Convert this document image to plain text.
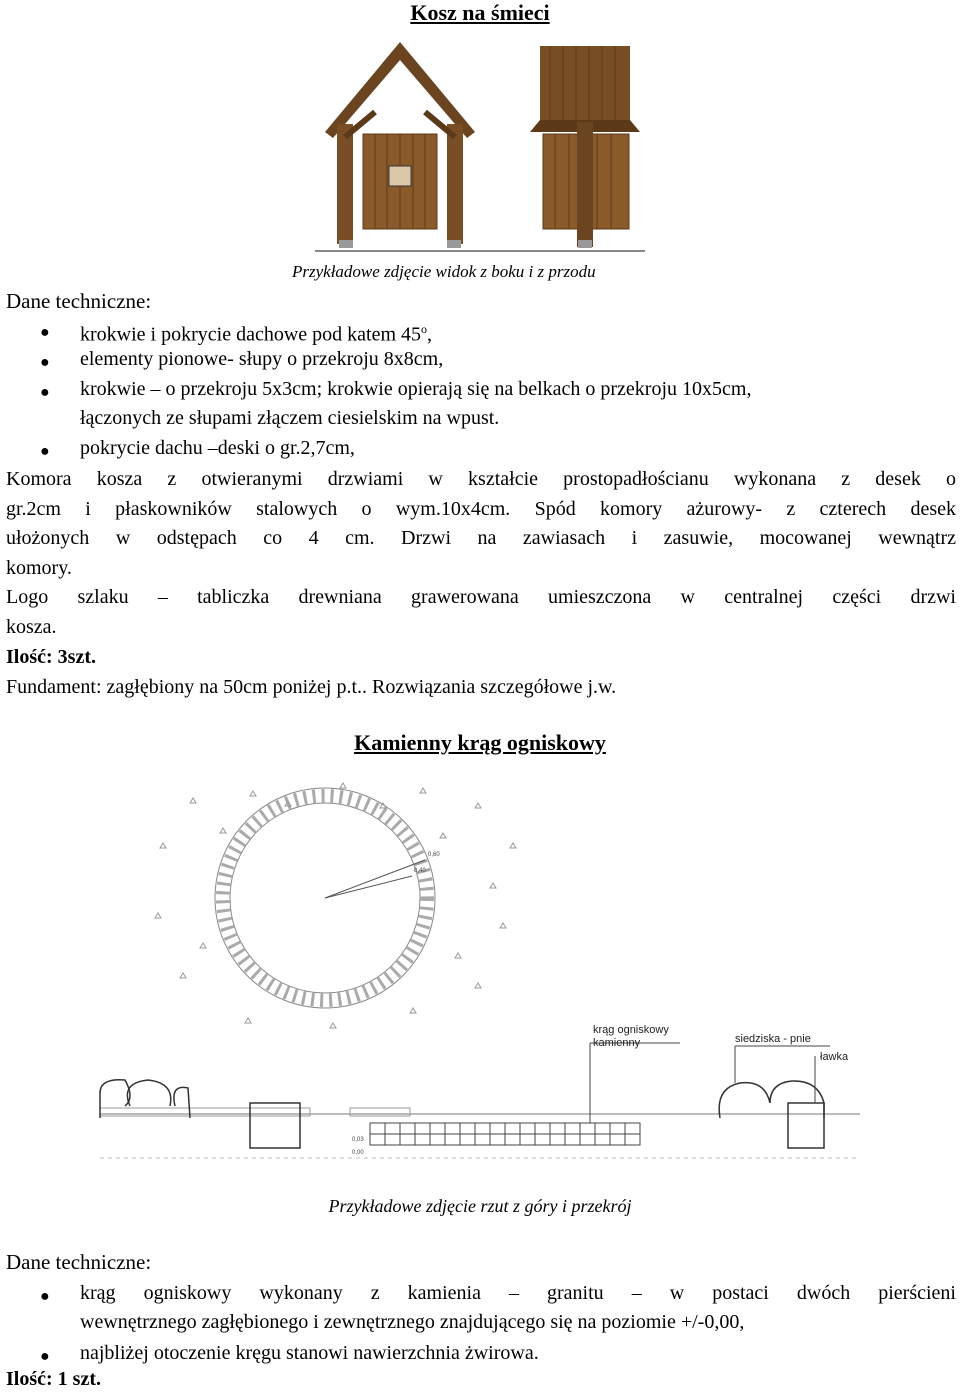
Kosz na śmieci
Przykładowe zdjęcie widok z boku i z przodu
Dane techniczne:
● krokwie i pokrycie dachowe pod katem 45$^o$,
● elementy pionowe- słupy o przekroju 8x8cm,
● krokwie – o przekroju 5x3cm; krokwie opierają się na belkach o przekroju 10x5cm,
łączonych ze słupami złączem ciesielskim na wpust.
● pokrycie dachu –deski o gr.2,7cm,
Komora kosza z otwieranymi drzwiami w kształcie prostopadłościanu wykonana z desek o
gr.2cm i płaskowników stalowych o wym.10x4cm. Spód komory ażurowy- z czterech desek
ułożonych w odstępach co 4 cm. Drzwi na zawiasach i zasuwie, mocowanej wewnątrz
komory.
Logo szlaku – tabliczka drewniana grawerowana umieszczona w centralnej części drzwi
kosza.
Ilość: 3szt.
Fundament: zagłębiony na 50cm poniżej p.t.. Rozwiązania szczegółowe j.w.
Kamienny krąg ogniskowy
0,60
0,40
0,03
0,00
krąg ogniskowy
kamienny	siedziska - pnie
ławka
Przykładowe zdjęcie rzut z góry i przekrój
Dane techniczne:
● krąg ogniskowy wykonany z kamienia – granitu – w postaci dwóch pierścieni
wewnętrznego zagłębionego i zewnętrznego znajdującego się na poziomie +/-0,00,
● najbliżej otoczenie kręgu stanowi nawierzchnia żwirowa.
Ilość: 1 szt.
